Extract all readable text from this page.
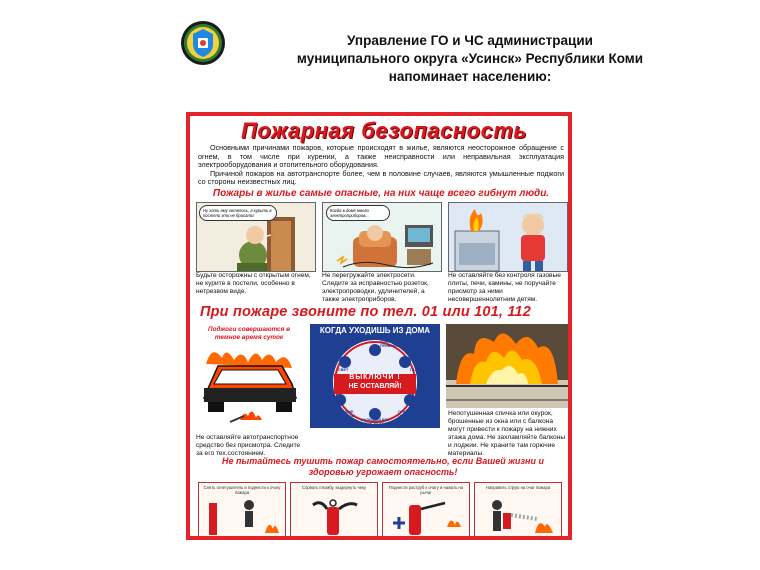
Управление ГО и ЧС администрации
муниципального округа «Усинск» Республики Коми
напоминает населению:
Пожарная безопасность

Основными причинами пожаров, которые происходят в жилье, являются неосторожное обращение с огнем, в том числе при курении, а также неисправности или неправильная эксплуатация электрооборудования и отопительного оборудования.

Причиной пожаров на автотранспорте более, чем в половине случаев, являются умышленные поджоги со стороны неизвестных лиц.

Пожары в жилье самые опасные, на них чаще всего гибнут люди.
Ну хоть ему хотелось, а курить в постели это не бросать!
Когда в доме много электроприборов...
Будьте осторожны с открытым огнем, не курите в постели, особенно в нетрезвом виде.
Не перегружайте электросети. Следите за исправностью розеток, электропроводки, удлинителей, а также электроприборов.
Не оставляйте без контроля газовые плиты, печи, камины, не поручайте присмотр за ними несовершеннолетним детям.
При пожаре звоните по тел. 01 или 101, 112
Поджоги совершаются в темное время суток
КОГДА УХОДИШЬ ИЗ ДОМА
ЭЛЕКТРИЧЕСКИЕ ПРИБОРЫ
СВЕТ	ГАЗ
ТЛЕЮЩИЕ ПРЕДМЕТЫ
ОТКРЫТЫЕ ОКНА
МАЛЫШЕЙ БЕЗ ПРИСМОТРА
ВЫКЛЮЧИ !
НЕ ОСТАВЛЯЙ!
Не оставляйте автотранспортное средство без присмотра. Следите за его тех.состоянием.
Непотушенная спичка или окурок, брошенные из окна или с балкона могут привести к пожару на нижних этажа дома. Не захламляйте балконы и лоджии. Не храните там горючие материалы.
Не пытайтесь тушить пожар самостоятельно, если Вашей жизни и здоровью угрожает опасность!
Снять огнетушитель и поднести к очагу пожара
Сорвать пломбу, выдернуть чеку	Поднести раструб к очагу и нажать на рычаг
Направить струю на очаг пожара
